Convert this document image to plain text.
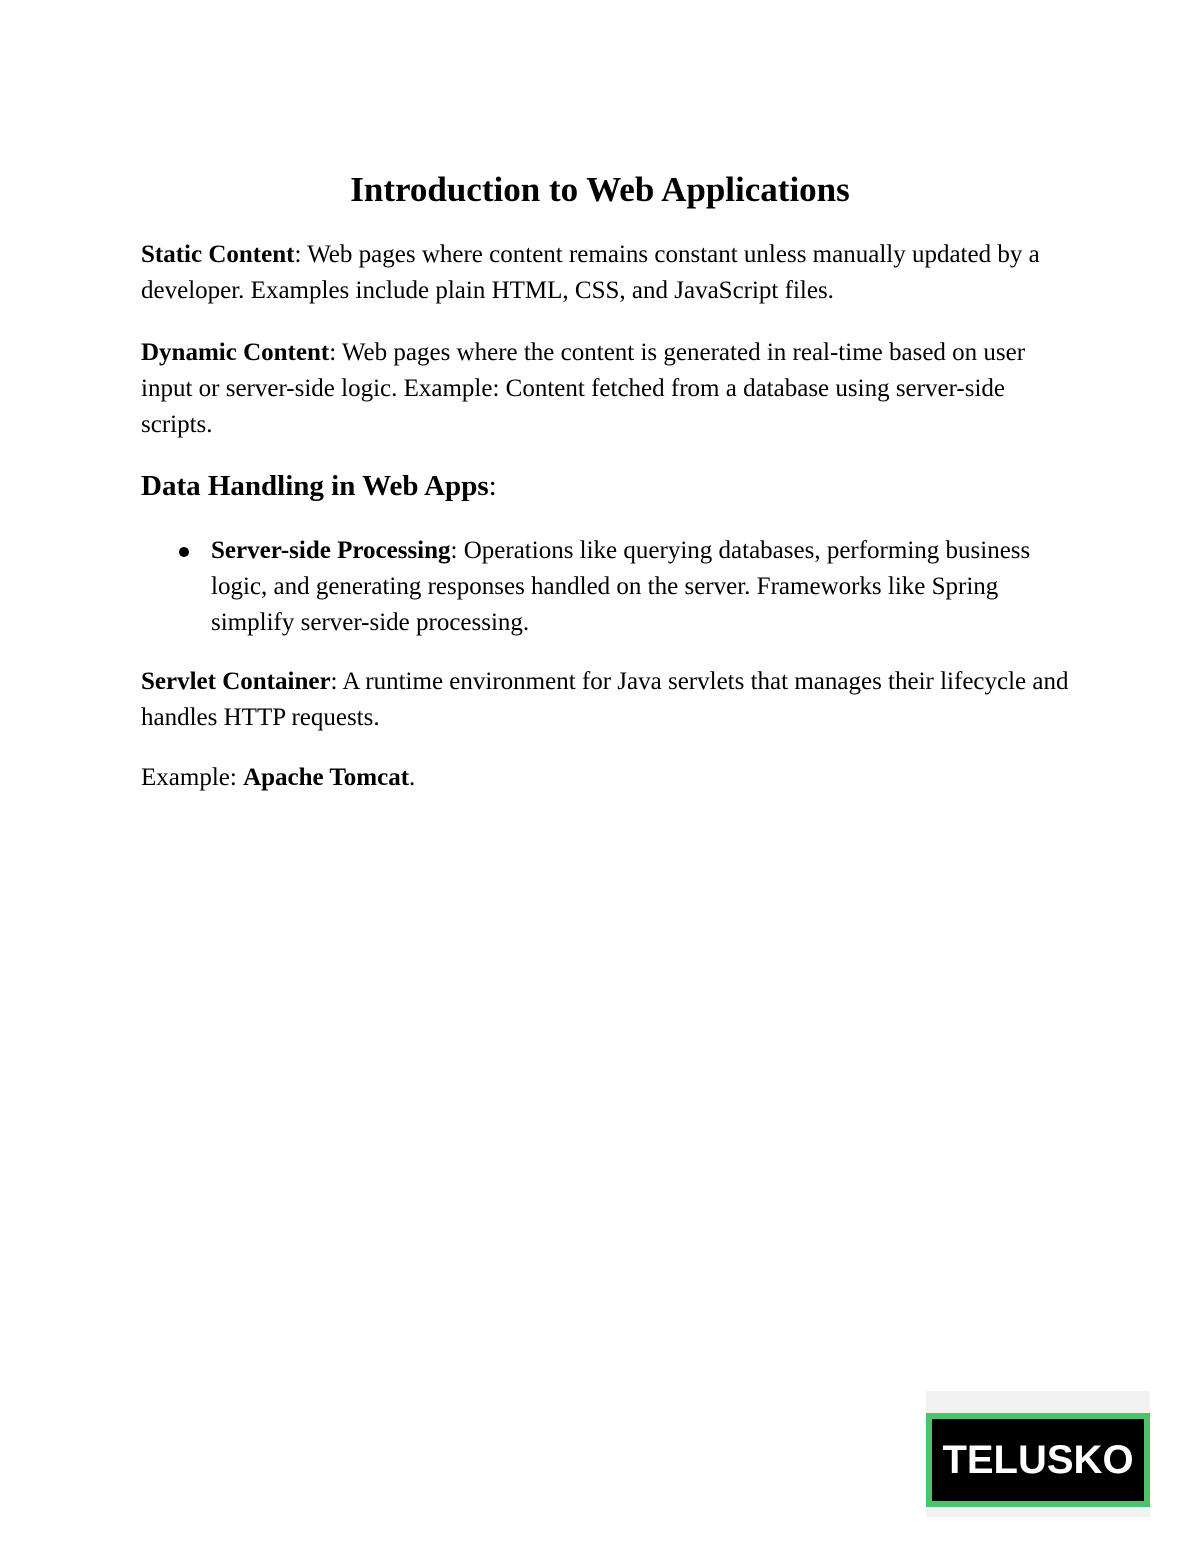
Introduction to Web Applications

Static Content: Web pages where content remains constant unless manually updated by a developer. Examples include plain HTML, CSS, and JavaScript files.

Dynamic Content: Web pages where the content is generated in real-time based on user input or server-side logic. Example: Content fetched from a database using server-side scripts.

Data Handling in Web Apps:
Server-side Processing: Operations like querying databases, performing business logic, and generating responses handled on the server. Frameworks like Spring simplify server-side processing.

Servlet Container: A runtime environment for Java servlets that manages their lifecycle and handles HTTP requests.

Example: Apache Tomcat.

TELUSKO
